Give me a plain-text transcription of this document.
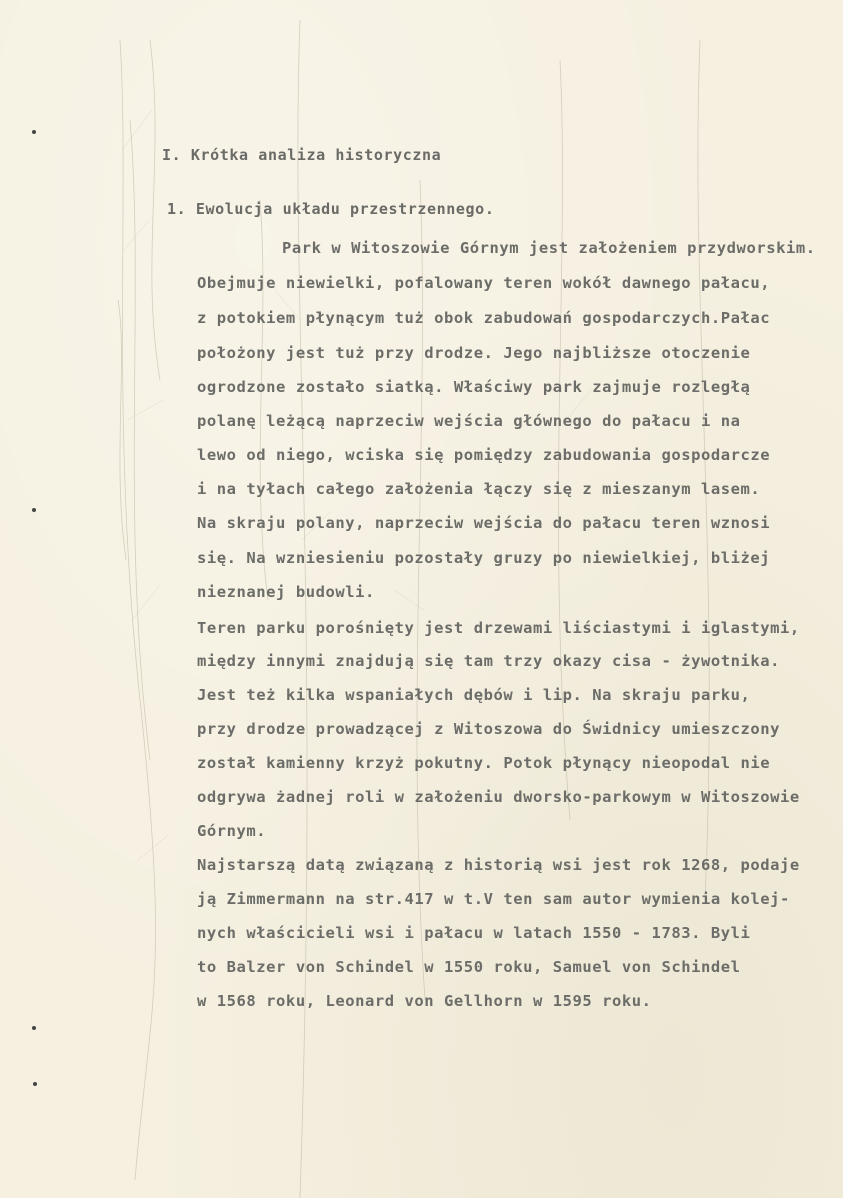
I. Krótka analiza historyczna
1. Ewolucja układu przestrzennego.
Park w Witoszowie Górnym jest założeniem przydworskim.
Obejmuje niewielki, pofalowany teren wokół dawnego pałacu,
z potokiem płynącym tuż obok zabudowań gospodarczych.Pałac
położony jest tuż przy drodze. Jego najbliższe otoczenie
ogrodzone zostało siatką. Właściwy park zajmuje rozległą
polanę leżącą naprzeciw wejścia głównego do pałacu i na
lewo od niego, wciska się pomiędzy zabudowania gospodarcze
i na tyłach całego założenia łączy się z mieszanym lasem.
Na skraju polany, naprzeciw wejścia do pałacu teren wznosi
się. Na wzniesieniu pozostały gruzy po niewielkiej, bliżej
nieznanej budowli.
Teren parku porośnięty jest drzewami liściastymi i iglastymi,
między innymi znajdują się tam trzy okazy cisa - żywotnika.
Jest też kilka wspaniałych dębów i lip. Na skraju parku,
przy drodze prowadzącej z Witoszowa do Świdnicy umieszczony
został kamienny krzyż pokutny. Potok płynący nieopodal nie
odgrywa żadnej roli w założeniu dworsko-parkowym w Witoszowie
Górnym.
Najstarszą datą związaną z historią wsi jest rok 1268, podaje
ją Zimmermann na str.417 w t.V ten sam autor wymienia kolej-
nych właścicieli wsi i pałacu w latach 1550 - 1783. Byli
to Balzer von Schindel w 1550 roku, Samuel von Schindel
w 1568 roku, Leonard von Gellhorn w 1595 roku.
